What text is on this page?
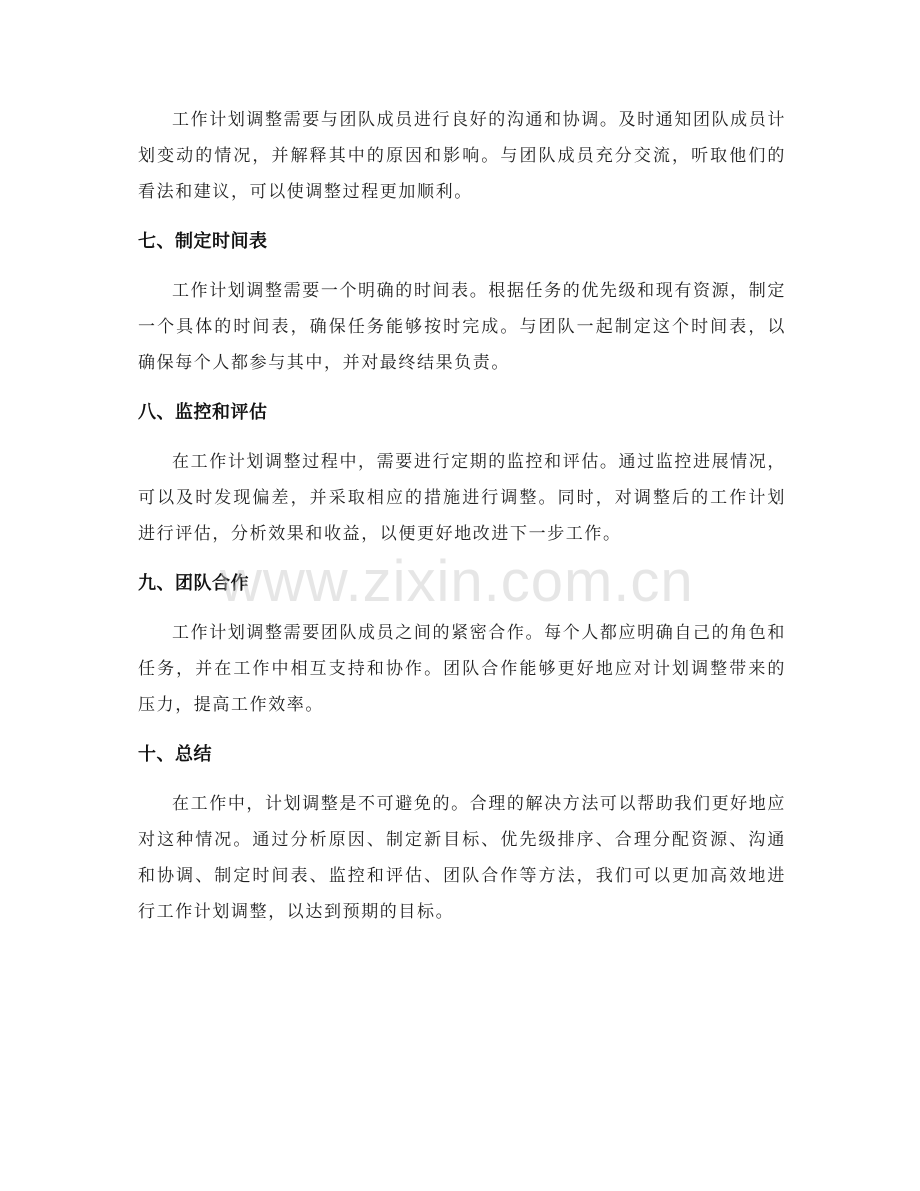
工作计划调整需要与团队成员进行良好的沟通和协调。及时通知团队成员计划变动的情况，并解释其中的原因和影响。与团队成员充分交流，听取他们的看法和建议，可以使调整过程更加顺利。

七、制定时间表

工作计划调整需要一个明确的时间表。根据任务的优先级和现有资源，制定一个具体的时间表，确保任务能够按时完成。与团队一起制定这个时间表，以确保每个人都参与其中，并对最终结果负责。

八、监控和评估

在工作计划调整过程中，需要进行定期的监控和评估。通过监控进展情况，可以及时发现偏差，并采取相应的措施进行调整。同时，对调整后的工作计划进行评估，分析效果和收益，以便更好地改进下一步工作。

九、团队合作

工作计划调整需要团队成员之间的紧密合作。每个人都应明确自己的角色和任务，并在工作中相互支持和协作。团队合作能够更好地应对计划调整带来的压力，提高工作效率。

十、总结

在工作中，计划调整是不可避免的。合理的解决方法可以帮助我们更好地应对这种情况。通过分析原因、制定新目标、优先级排序、合理分配资源、沟通和协调、制定时间表、监控和评估、团队合作等方法，我们可以更加高效地进行工作计划调整，以达到预期的目标。

www.zixin.com.cn
